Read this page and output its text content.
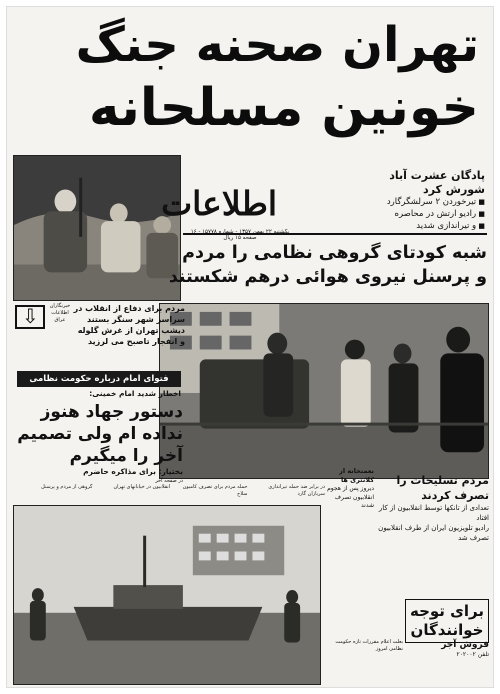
تهران صحنه جنگ
خونین مسلحانه
اطلاعات
یکشنبه ۲۲ بهمن ۱۳۵۷ - شماره ۱۵۷۷۸ - ۱۶ صفحه ۱۵ ریال
پادگان عشرت آباد
شورش کرد
■ تیرخوردن ۲ سرلشگرگارد
■ رادیو ارتش در محاصره
■ و تیراندازی شدید
شبه کودتای گروهی نظامی را مردم
و پرسنل نیروی هوائی درهم شکستند
⇩
خبرنگاران اطلاعات عراق
مردم برای دفاع از انقلاب در سراسر شهر سنگر بستند
دیشب تهران از غرش گلوله و انفجار تاصبح می لرزید
فتوای امام درباره حکومت نظامی
اخطار شدید امام خمینی:
دستور جهاد هنوز نداده ام ولی تصمیم آخر را میگیرم
بختیار: برای مذاکره حاضرم
در صفحه آخر
در برابر ضد حمله تیراندازی سربازان گارد
حمله مردم برای تصرف کامیون سلاح
انقلابیون در خیابانهای تهران
گروهی از مردم و پرسنل
نعمتخانه از کلانتری ها
دیروز پس از هجوم انقلابیون تصرف شدند
مردم تسلیحات را تصرف کردند
تعدادی از تانکها توسط انقلابیون از کار افتاد
رادیو تلویزیون ایران از طرف انقلابیون تصرف شد
برای توجه خوانندگان
بعلت اعلام مقررات تازه حکومت نظامی امروز	فروش آجر
تلفن ۲۰۲۰۰۲
